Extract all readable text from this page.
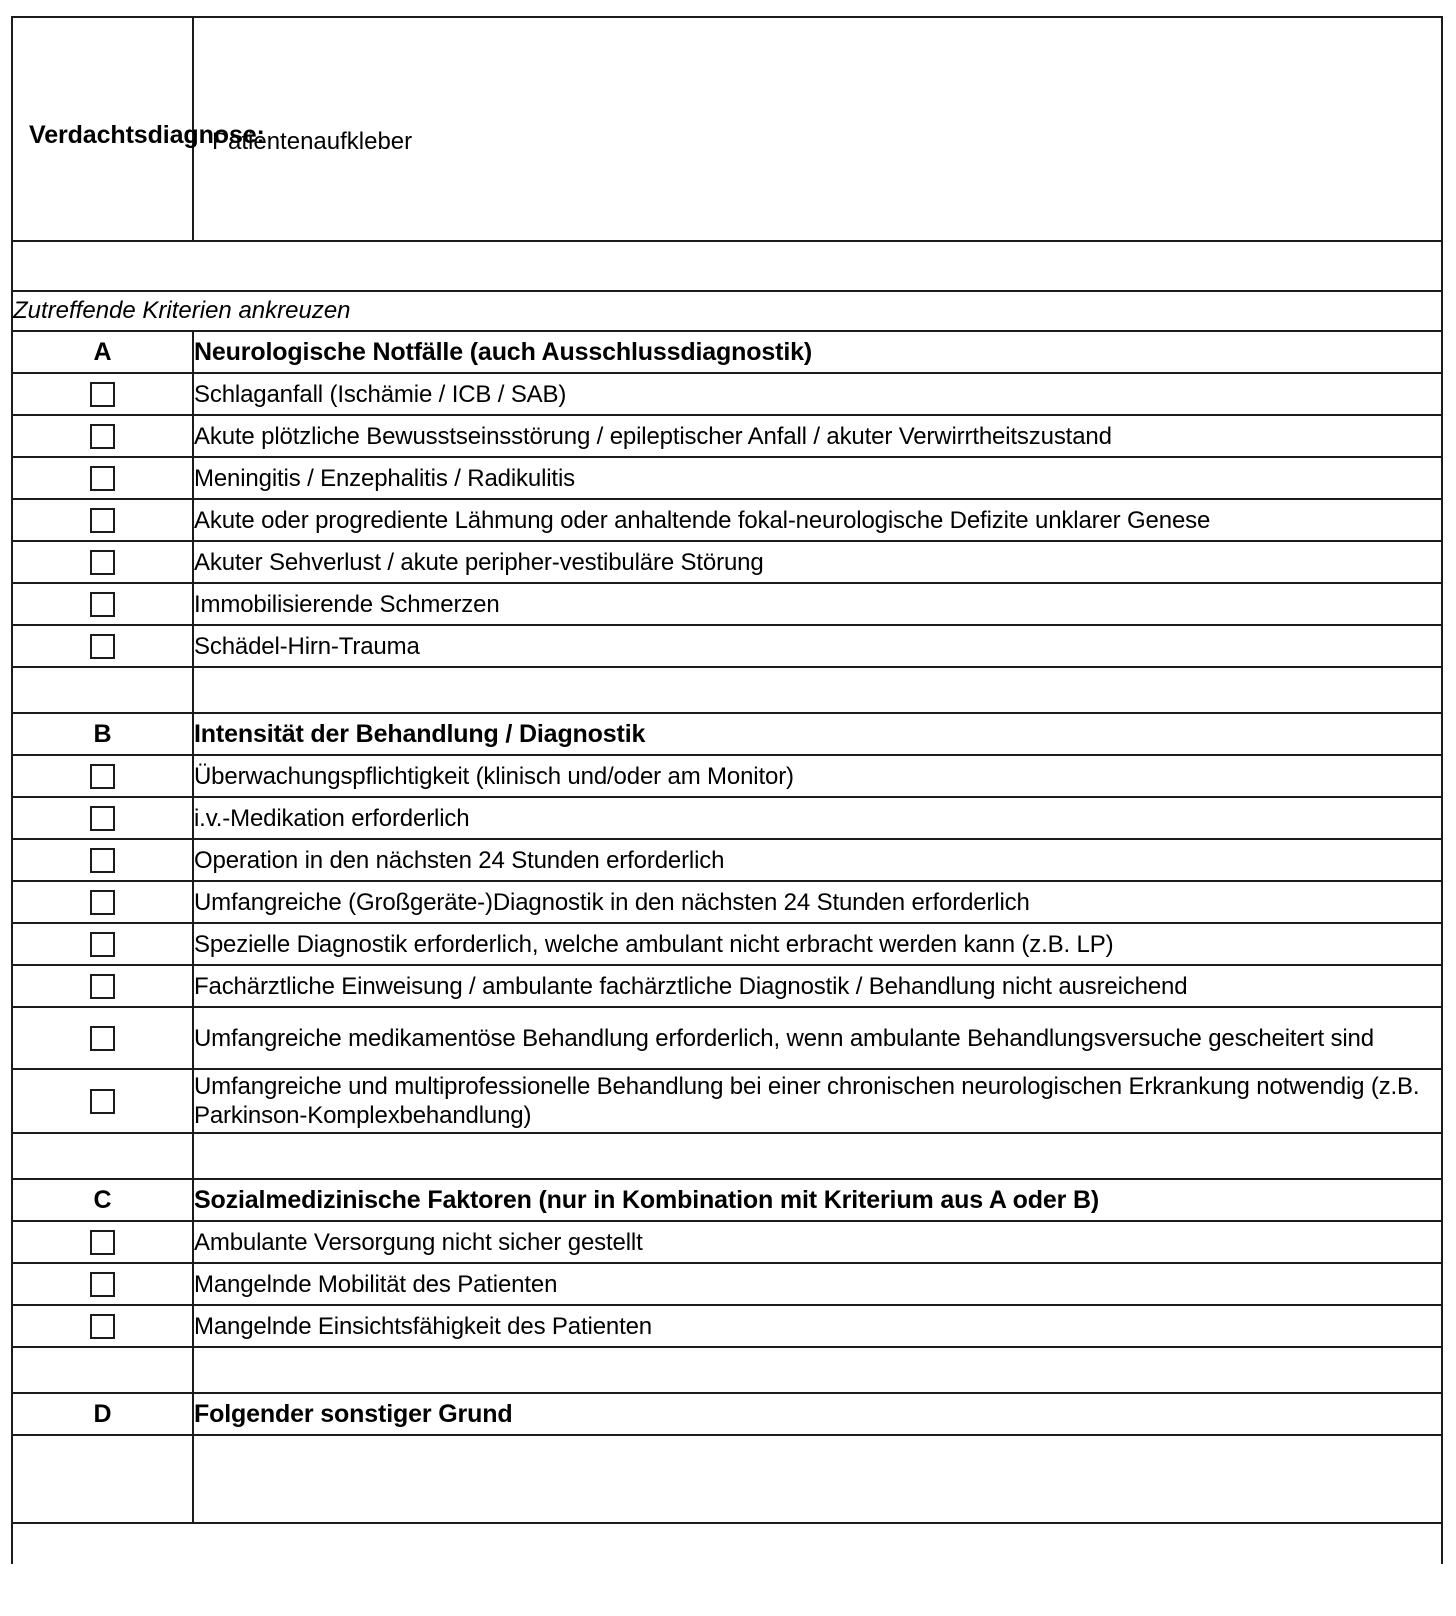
Verdachtsdiagnose:	Patientenaufkleber

Zutreffende Kriterien ankreuzen	
A	Neurologische Notfälle (auch Ausschlussdiagnostik)
	Schlaganfall (Ischämie / ICB / SAB)
	Akute plötzliche Bewusstseinsstörung / epileptischer Anfall / akuter Verwirrtheitszustand
	Meningitis / Enzephalitis / Radikulitis
	Akute oder progrediente Lähmung oder anhaltende fokal-neurologische Defizite unklarer Genese
	Akuter Sehverlust / akute peripher-vestibuläre Störung
	Immobilisierende Schmerzen
	Schädel-Hirn-Trauma

B	Intensität der Behandlung / Diagnostik
	Überwachungspflichtigkeit (klinisch und/oder am Monitor)
	i.v.-Medikation erforderlich
	Operation in den nächsten 24 Stunden erforderlich
	Umfangreiche (Großgeräte-)Diagnostik in den nächsten 24 Stunden erforderlich
	Spezielle Diagnostik erforderlich, welche ambulant nicht erbracht werden kann (z.B. LP)
	Fachärztliche Einweisung / ambulante fachärztliche Diagnostik / Behandlung nicht ausreichend
	Umfangreiche medikamentöse Behandlung erforderlich, wenn ambulante Behandlungsversuche gescheitert sind
	Umfangreiche und multiprofessionelle Behandlung bei einer chronischen neurologischen Erkrankung notwendig (z.B. Parkinson-Komplexbehandlung)

C	Sozialmedizinische Faktoren (nur in Kombination mit Kriterium aus A oder B)
	Ambulante Versorgung nicht sicher gestellt
	Mangelnde Mobilität des Patienten
	Mangelnde Einsichtsfähigkeit des Patienten

D	Folgender sonstiger Grund
